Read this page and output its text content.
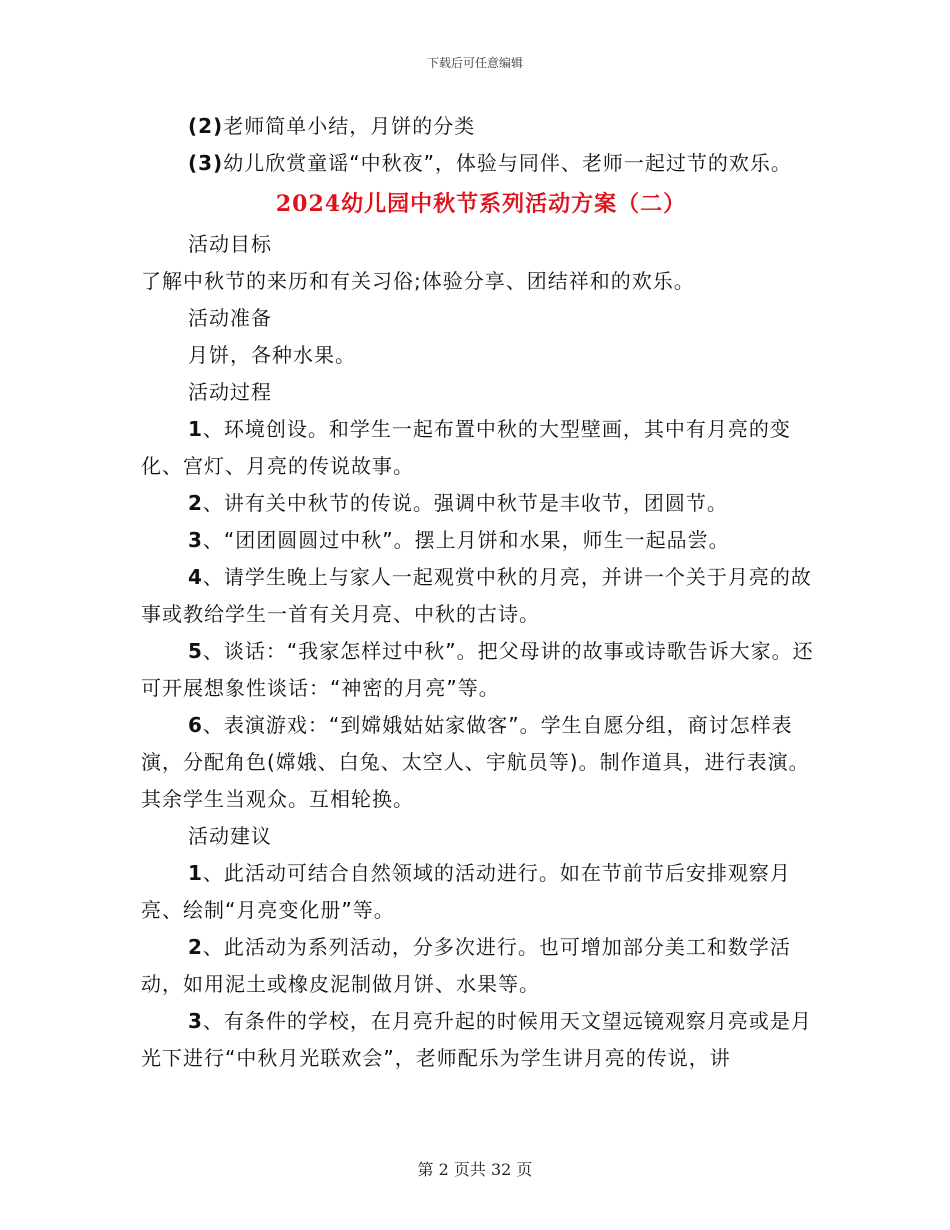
下载后可任意编辑

(2)老师简单小结，月饼的分类

(3)幼儿欣赏童谣“中秋夜”，体验与同伴、老师一起过节的欢乐。

2024幼儿园中秋节系列活动方案（二）

活动目标

了解中秋节的来历和有关习俗;体验分享、团结祥和的欢乐。

活动准备

月饼，各种水果。

活动过程

1、环境创设。和学生一起布置中秋的大型壁画，其中有月亮的变化、宫灯、月亮的传说故事。

2、讲有关中秋节的传说。强调中秋节是丰收节，团圆节。

3、“团团圆圆过中秋”。摆上月饼和水果，师生一起品尝。

4、请学生晚上与家人一起观赏中秋的月亮，并讲一个关于月亮的故事或教给学生一首有关月亮、中秋的古诗。

5、谈话：“我家怎样过中秋”。把父母讲的故事或诗歌告诉大家。还可开展想象性谈话：“神密的月亮”等。

6、表演游戏：“到嫦娥姑姑家做客”。学生自愿分组，商讨怎样表演，分配角色(嫦娥、白兔、太空人、宇航员等)。制作道具，进行表演。其余学生当观众。互相轮换。

活动建议

1、此活动可结合自然领域的活动进行。如在节前节后安排观察月亮、绘制“月亮变化册”等。

2、此活动为系列活动，分多次进行。也可增加部分美工和数学活动，如用泥土或橡皮泥制做月饼、水果等。

3、有条件的学校，在月亮升起的时候用天文望远镜观察月亮或是月光下进行“中秋月光联欢会”，老师配乐为学生讲月亮的传说，讲

第 2 页共 32 页
